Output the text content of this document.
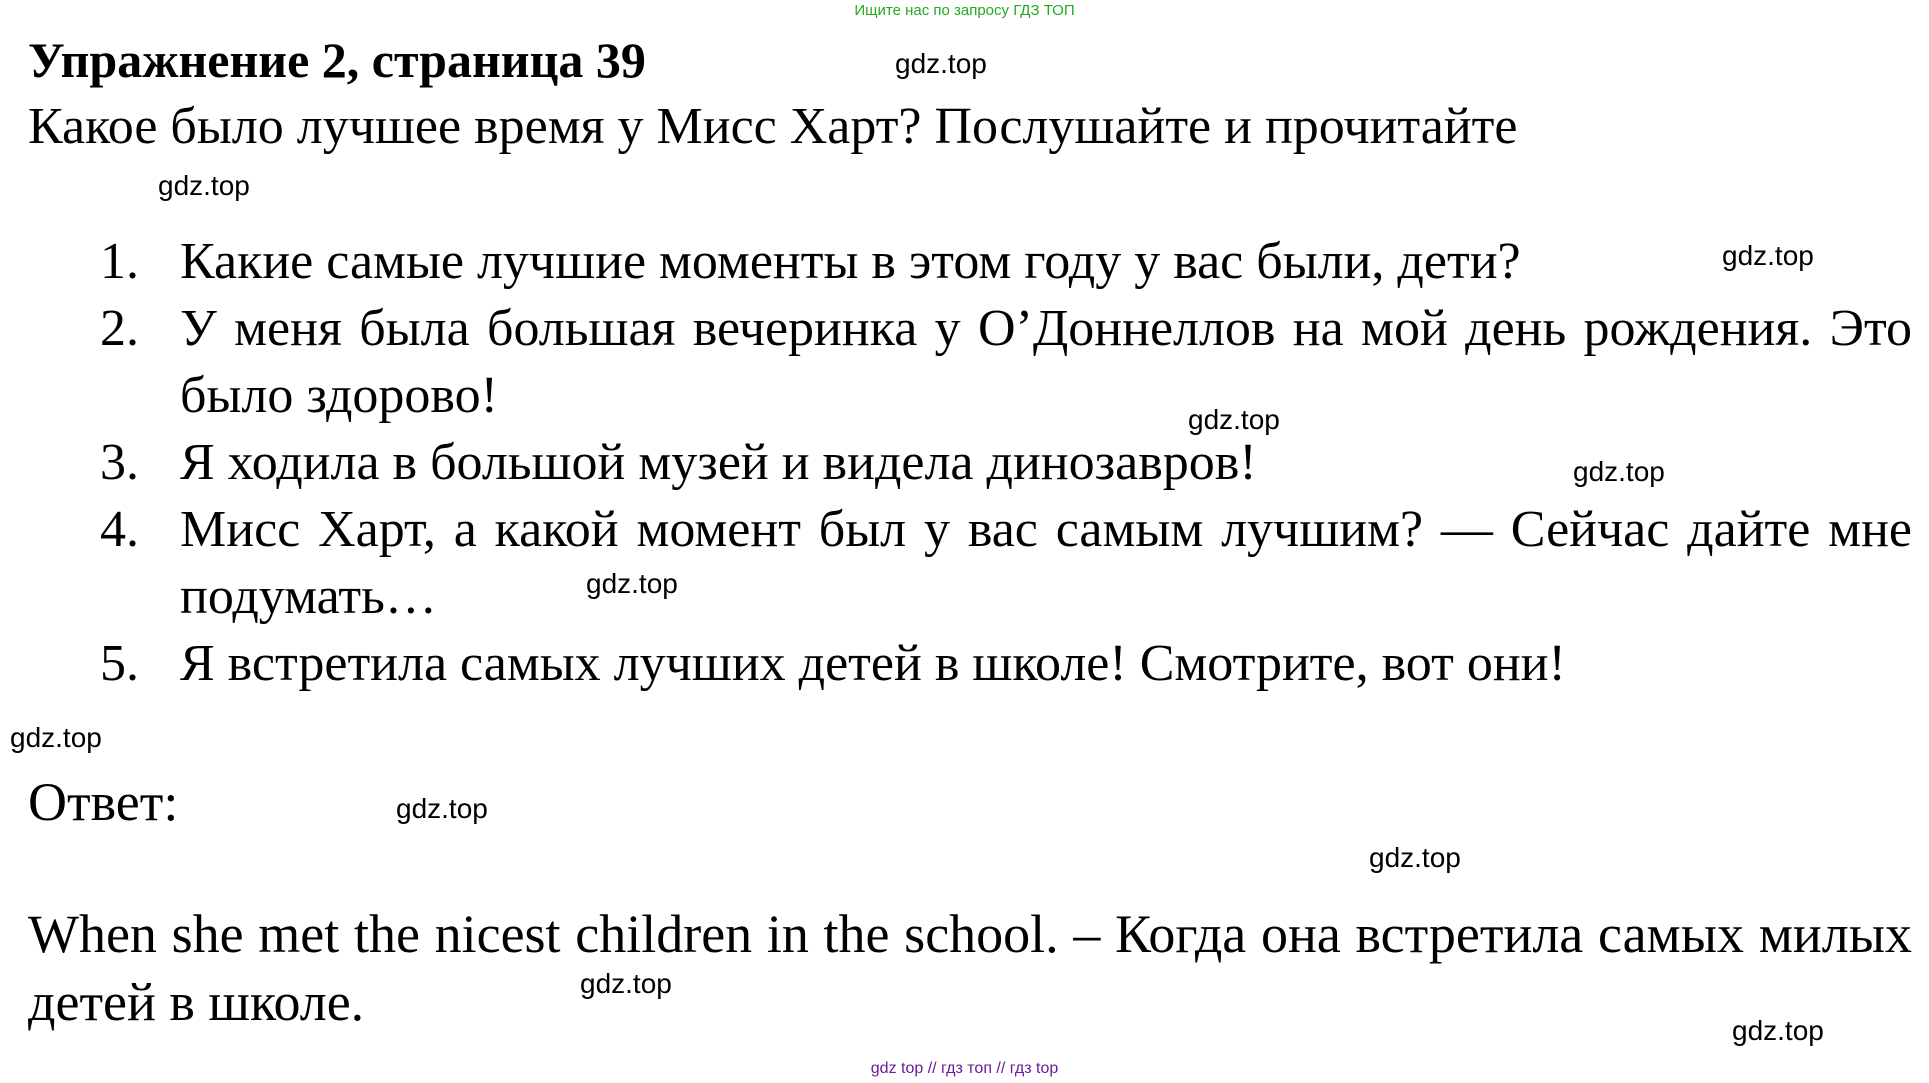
Ищите нас по запросу ГДЗ ТОП
Упражнение 2, страница 39
Какое было лучшее время у Мисс Харт? Послушайте и прочитайте
1. Какие самые лучшие моменты в этом году у вас были, дети?
2. У меня была большая вечеринка у О’Доннеллов на мой день рождения. Это было здорово!
3. Я ходила в большой музей и видела динозавров!
4. Мисс Харт, а какой момент был у вас самым лучшим? — Сейчас дайте мне подумать…
5. Я встретила самых лучших детей в школе! Смотрите, вот они!
Ответ:
When she met the nicest children in the school. – Когда она встретила самых милых детей в школе.
gdz.top
gdz.top
gdz.top
gdz.top
gdz.top
gdz.top
gdz.top
gdz.top
gdz.top
gdz.top
gdz.top
gdz top // гдз топ // гдз top
